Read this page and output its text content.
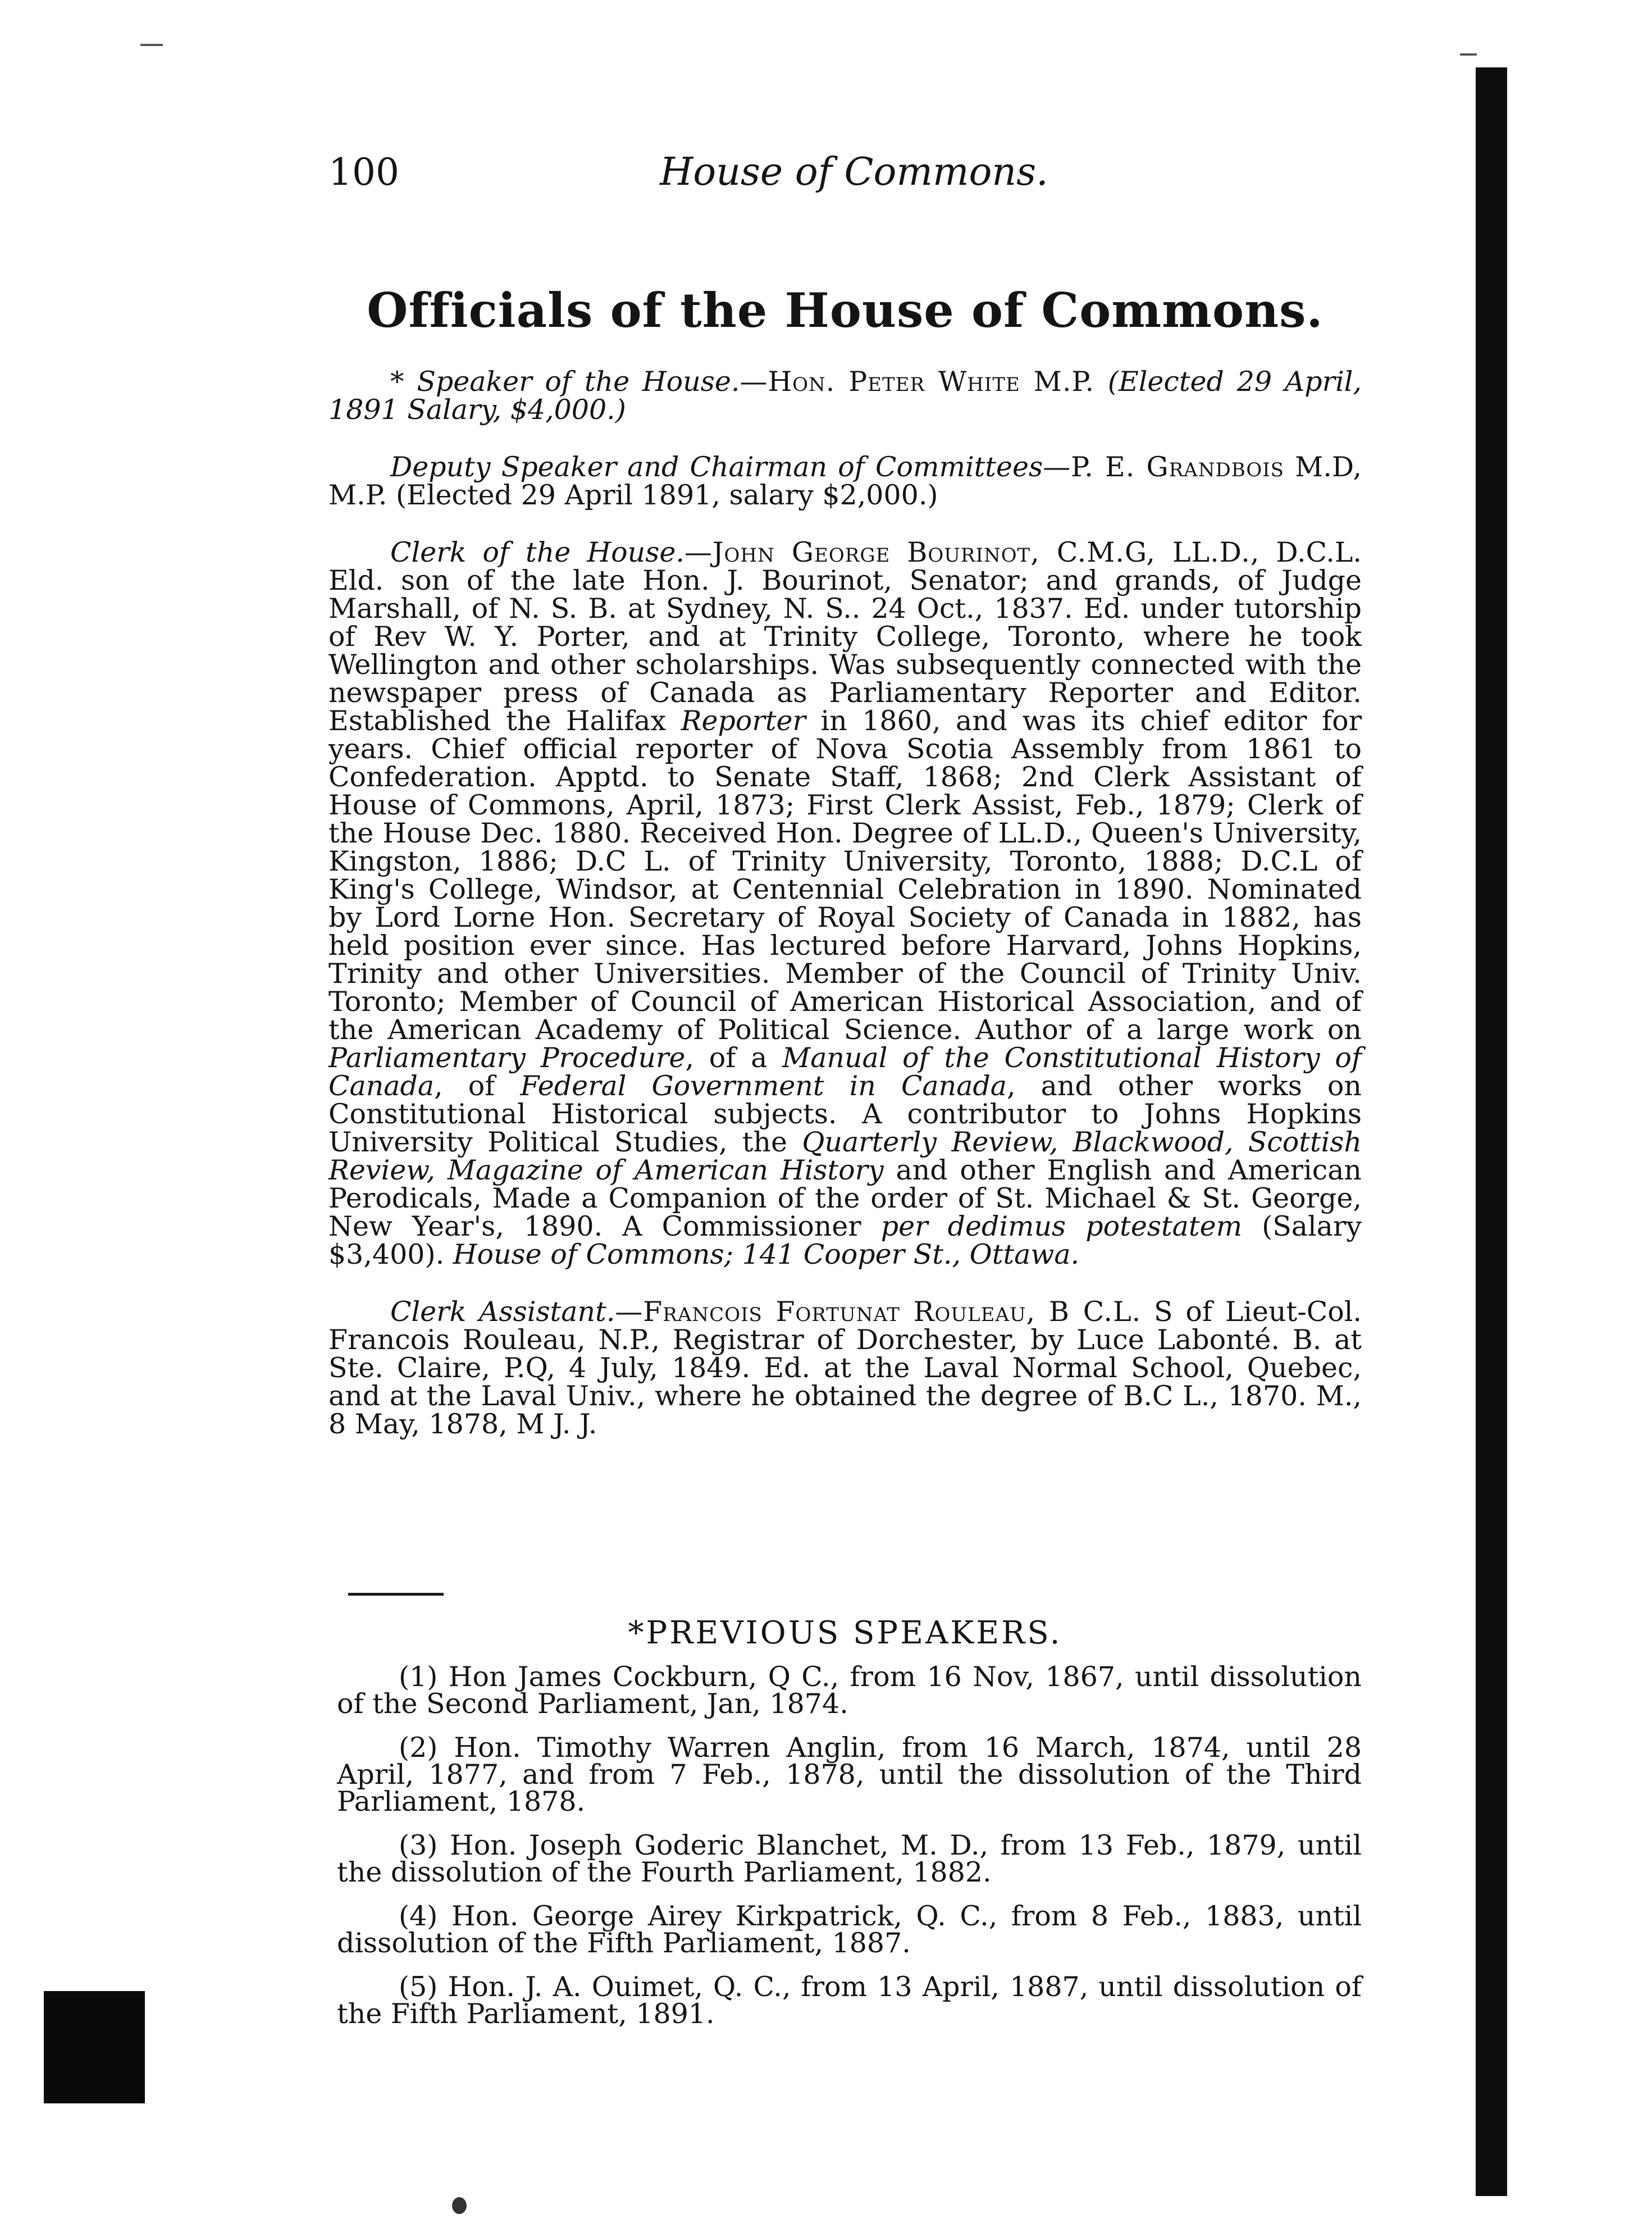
100	House of Commons.
Officials of the House of Commons.

* Speaker of the House.—Hon. Peter White M.P. (Elected 29 April, 1891 Salary, $4,000.)

Deputy Speaker and Chairman of Committees—P. E. Grandbois M.D, M.P. (Elected 29 April 1891, salary $2,000.)

Clerk of the House.—John George Bourinot, C.M.G, LL.D., D.C.L. Eld. son of the late Hon. J. Bourinot, Senator; and grands, of Judge Marshall, of N. S. B. at Sydney, N. S.. 24 Oct., 1837. Ed. under tutorship of Rev W. Y. Porter, and at Trinity College, Toronto, where he took Wellington and other scholarships. Was subsequently connected with the newspaper press of Canada as Parliamentary Reporter and Editor. Established the Halifax Reporter in 1860, and was its chief editor for years. Chief official reporter of Nova Scotia Assembly from 1861 to Confederation. Apptd. to Senate Staff, 1868; 2nd Clerk Assistant of House of Commons, April, 1873; First Clerk Assist, Feb., 1879; Clerk of the House Dec. 1880. Received Hon. Degree of LL.D., Queen's University, Kingston, 1886; D.C L. of Trinity University, Toronto, 1888; D.C.L of King's College, Windsor, at Centennial Celebration in 1890. Nominated by Lord Lorne Hon. Secretary of Royal Society of Canada in 1882, has held position ever since. Has lectured before Harvard, Johns Hopkins, Trinity and other Universities. Member of the Council of Trinity Univ. Toronto; Member of Council of American Historical Association, and of the American Academy of Political Science. Author of a large work on Parliamentary Procedure, of a Manual of the Constitutional History of Canada, of Federal Government in Canada, and other works on Constitutional Historical subjects. A contributor to Johns Hopkins University Political Studies, the Quarterly Review, Blackwood, Scottish Review, Magazine of American History and other English and American Perodicals, Made a Companion of the order of St. Michael & St. George, New Year's, 1890. A Commissioner per dedimus potestatem (Salary $3,400). House of Commons; 141 Cooper St., Ottawa.

Clerk Assistant.—Francois Fortunat Rouleau, B C.L. S of Lieut-Col. Francois Rouleau, N.P., Registrar of Dorchester, by Luce Labonté. B. at Ste. Claire, P.Q, 4 July, 1849. Ed. at the Laval Normal School, Quebec, and at the Laval Univ., where he obtained the degree of B.C L., 1870. M., 8 May, 1878, M J. J.

*PREVIOUS SPEAKERS.
(1) Hon James Cockburn, Q C., from 16 Nov, 1867, until dissolution of the Second Parliament, Jan, 1874.
(2) Hon. Timothy Warren Anglin, from 16 March, 1874, until 28 April, 1877, and from 7 Feb., 1878, until the dissolution of the Third Parliament, 1878.
(3) Hon. Joseph Goderic Blanchet, M. D., from 13 Feb., 1879, until the dissolution of the Fourth Parliament, 1882.
(4) Hon. George Airey Kirkpatrick, Q. C., from 8 Feb., 1883, until dissolution of the Fifth Parliament, 1887.
(5) Hon. J. A. Ouimet, Q. C., from 13 April, 1887, until dissolution of the Fifth Parliament, 1891.
